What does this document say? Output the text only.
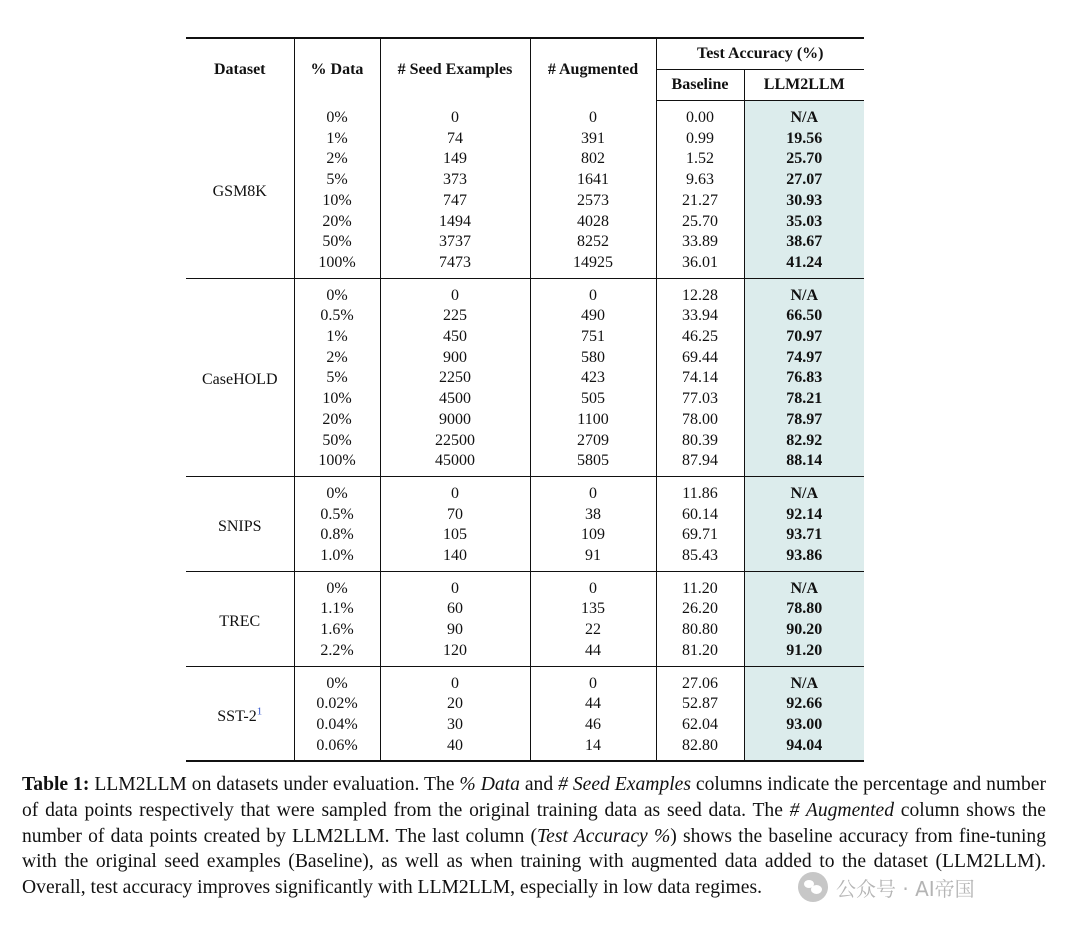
Dataset	% Data	# Seed Examples	# Augmented	Test Accuracy (%)	
				Baseline	LLM2LLM
GSM8K	0%	0	0	0.00	N/A
	1%	74	391	0.99	19.56
	2%	149	802	1.52	25.70
	5%	373	1641	9.63	27.07
	10%	747	2573	21.27	30.93
	20%	1494	4028	25.70	35.03
	50%	3737	8252	33.89	38.67
	100%	7473	14925	36.01	41.24
CaseHOLD	0%	0	0	12.28	N/A
	0.5%	225	490	33.94	66.50
	1%	450	751	46.25	70.97
	2%	900	580	69.44	74.97
	5%	2250	423	74.14	76.83
	10%	4500	505	77.03	78.21
	20%	9000	1100	78.00	78.97
	50%	22500	2709	80.39	82.92
	100%	45000	5805	87.94	88.14
SNIPS	0%	0	0	11.86	N/A
	0.5%	70	38	60.14	92.14
	0.8%	105	109	69.71	93.71
	1.0%	140	91	85.43	93.86
TREC	0%	0	0	11.20	N/A
	1.1%	60	135	26.20	78.80
	1.6%	90	22	80.80	90.20
	2.2%	120	44	81.20	91.20
SST-$2^1$	0%	0	0	27.06	N/A
	0.02%	20	44	52.87	92.66
	0.04%	30	46	62.04	93.00
	0.06%	40	14	82.80	94.04
Table 1: LLM2LLM on datasets under evaluation. The % Data and # Seed Examples columns indicate the percentage and number of data points respectively that were sampled from the original training data as seed data. The # Augmented column shows the number of data points created by LLM2LLM. The last column (Test Accuracy %) shows the baseline accuracy from fine-tuning with the original seed examples (Baseline), as well as when training with augmented data added to the dataset (LLM2LLM). Overall, test accuracy improves significantly with LLM2LLM, especially in low data regimes.	公众号 · AI帝国
